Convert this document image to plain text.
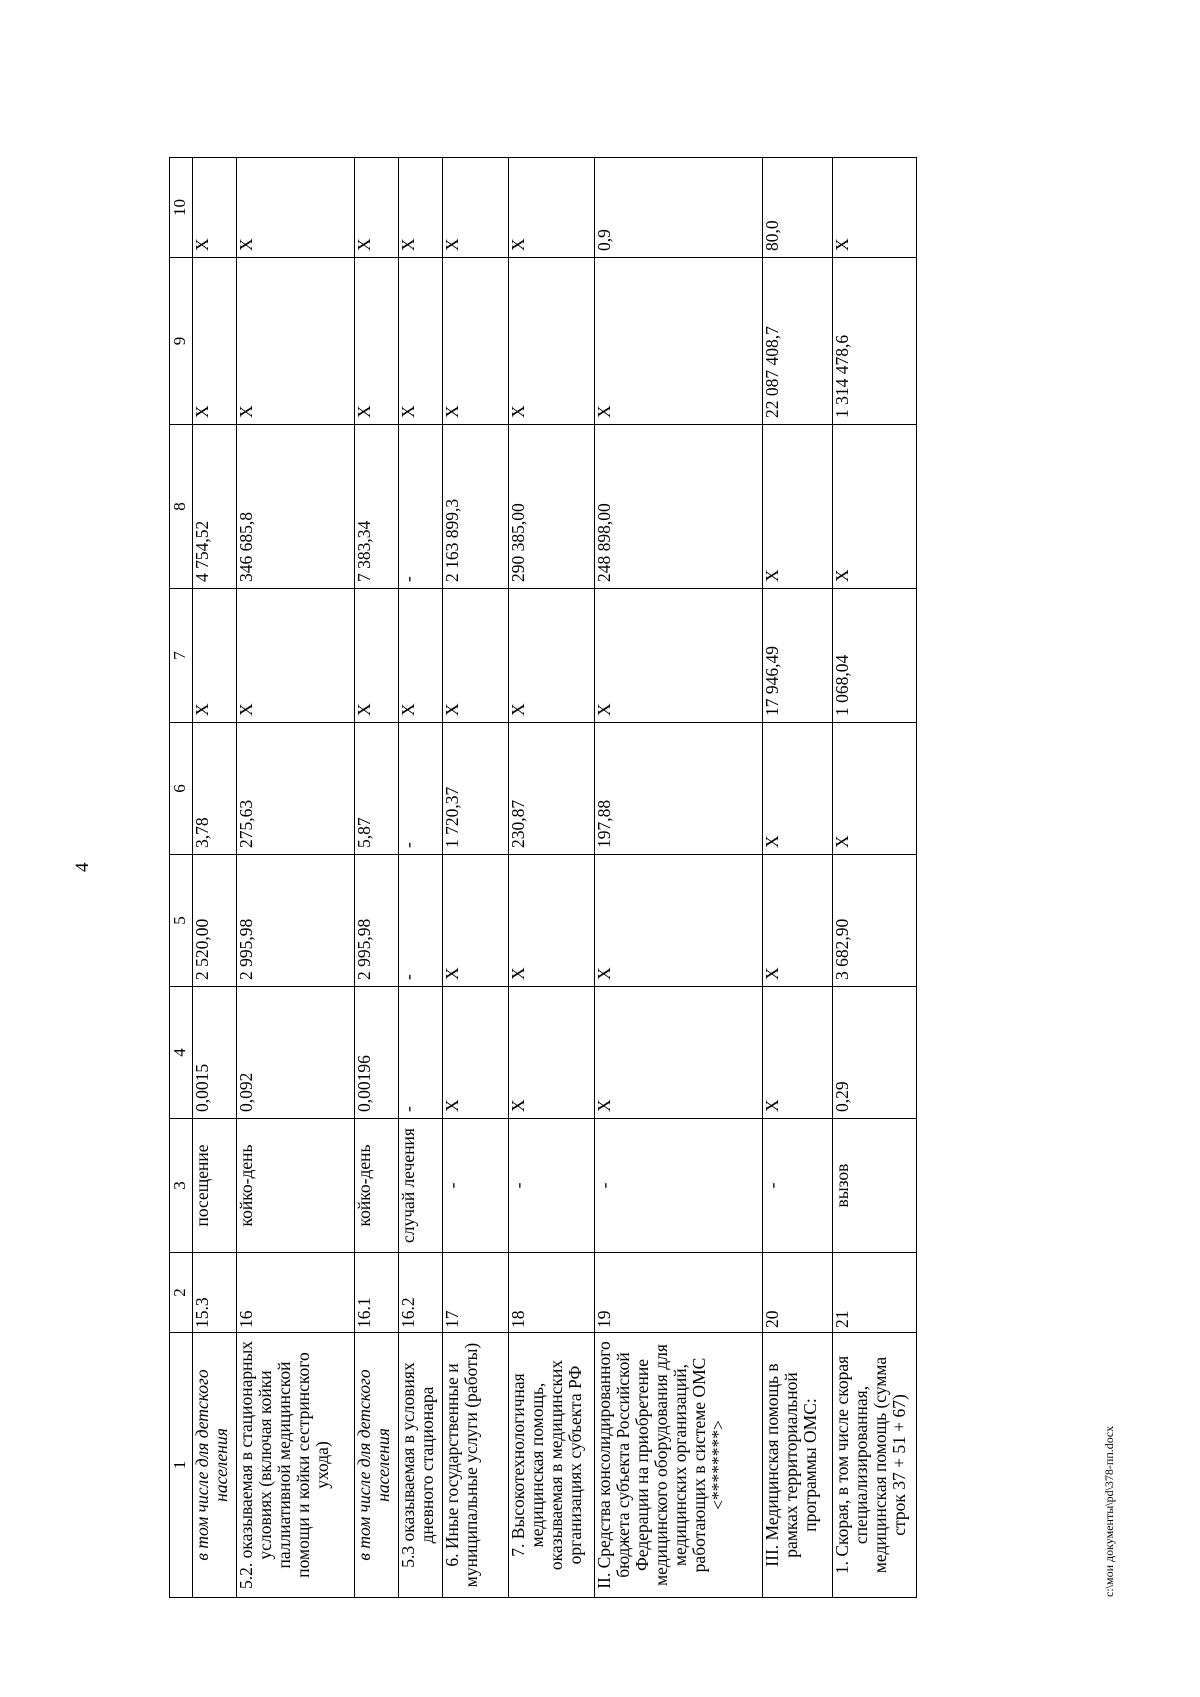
4
1	2	3	4	5	6	7	8	9	10
в том числе для детского населения	15.3	посещение	0,0015	2 520,00	3,78	Х	4 754,52	Х	Х
5.2. оказываемая в стационарных условиях (включая койки паллиативной медицинской помощи и койки сестринского ухода)	16	койко-день	0,092	2 995,98	275,63	Х	346 685,8	Х	Х
в том числе для детского населения	16.1	койко-день	0,00196	2 995,98	5,87	Х	7 383,34	Х	Х
5.3 оказываемая в условиях дневного стационара	16.2	случай лечения	-	-	-	Х	-	Х	Х
6. Иные государственные и муниципальные услуги (работы)	17	-	Х	Х	1 720,37	Х	2 163 899,3	Х	Х
7. Высокотехнологичная медицинская помощь, оказываемая в медицинских организациях субъекта РФ	18	-	Х	Х	230,87	Х	290 385,00	Х	Х
II. Средства консолидированного бюджета субъекта Российской Федерации на приобретение медицинского оборудования для медицинских организаций, работающих в системе ОМС <********>	19	-	Х	Х	197,88	Х	248 898,00	Х	0,9
III. Медицинская помощь в рамках территориальной программы ОМС:	20	-	Х	Х	Х	17 946,49	Х	22 087 408,7	80,0
1. Скорая, в том числе скорая специализированная, медицинская помощь (сумма строк 37 + 51 + 67)	21	вызов	0,29	3 682,90	Х	1 068,04	Х	1 314 478,6	Х
c:\мои документы\pd\378-пп.docx
